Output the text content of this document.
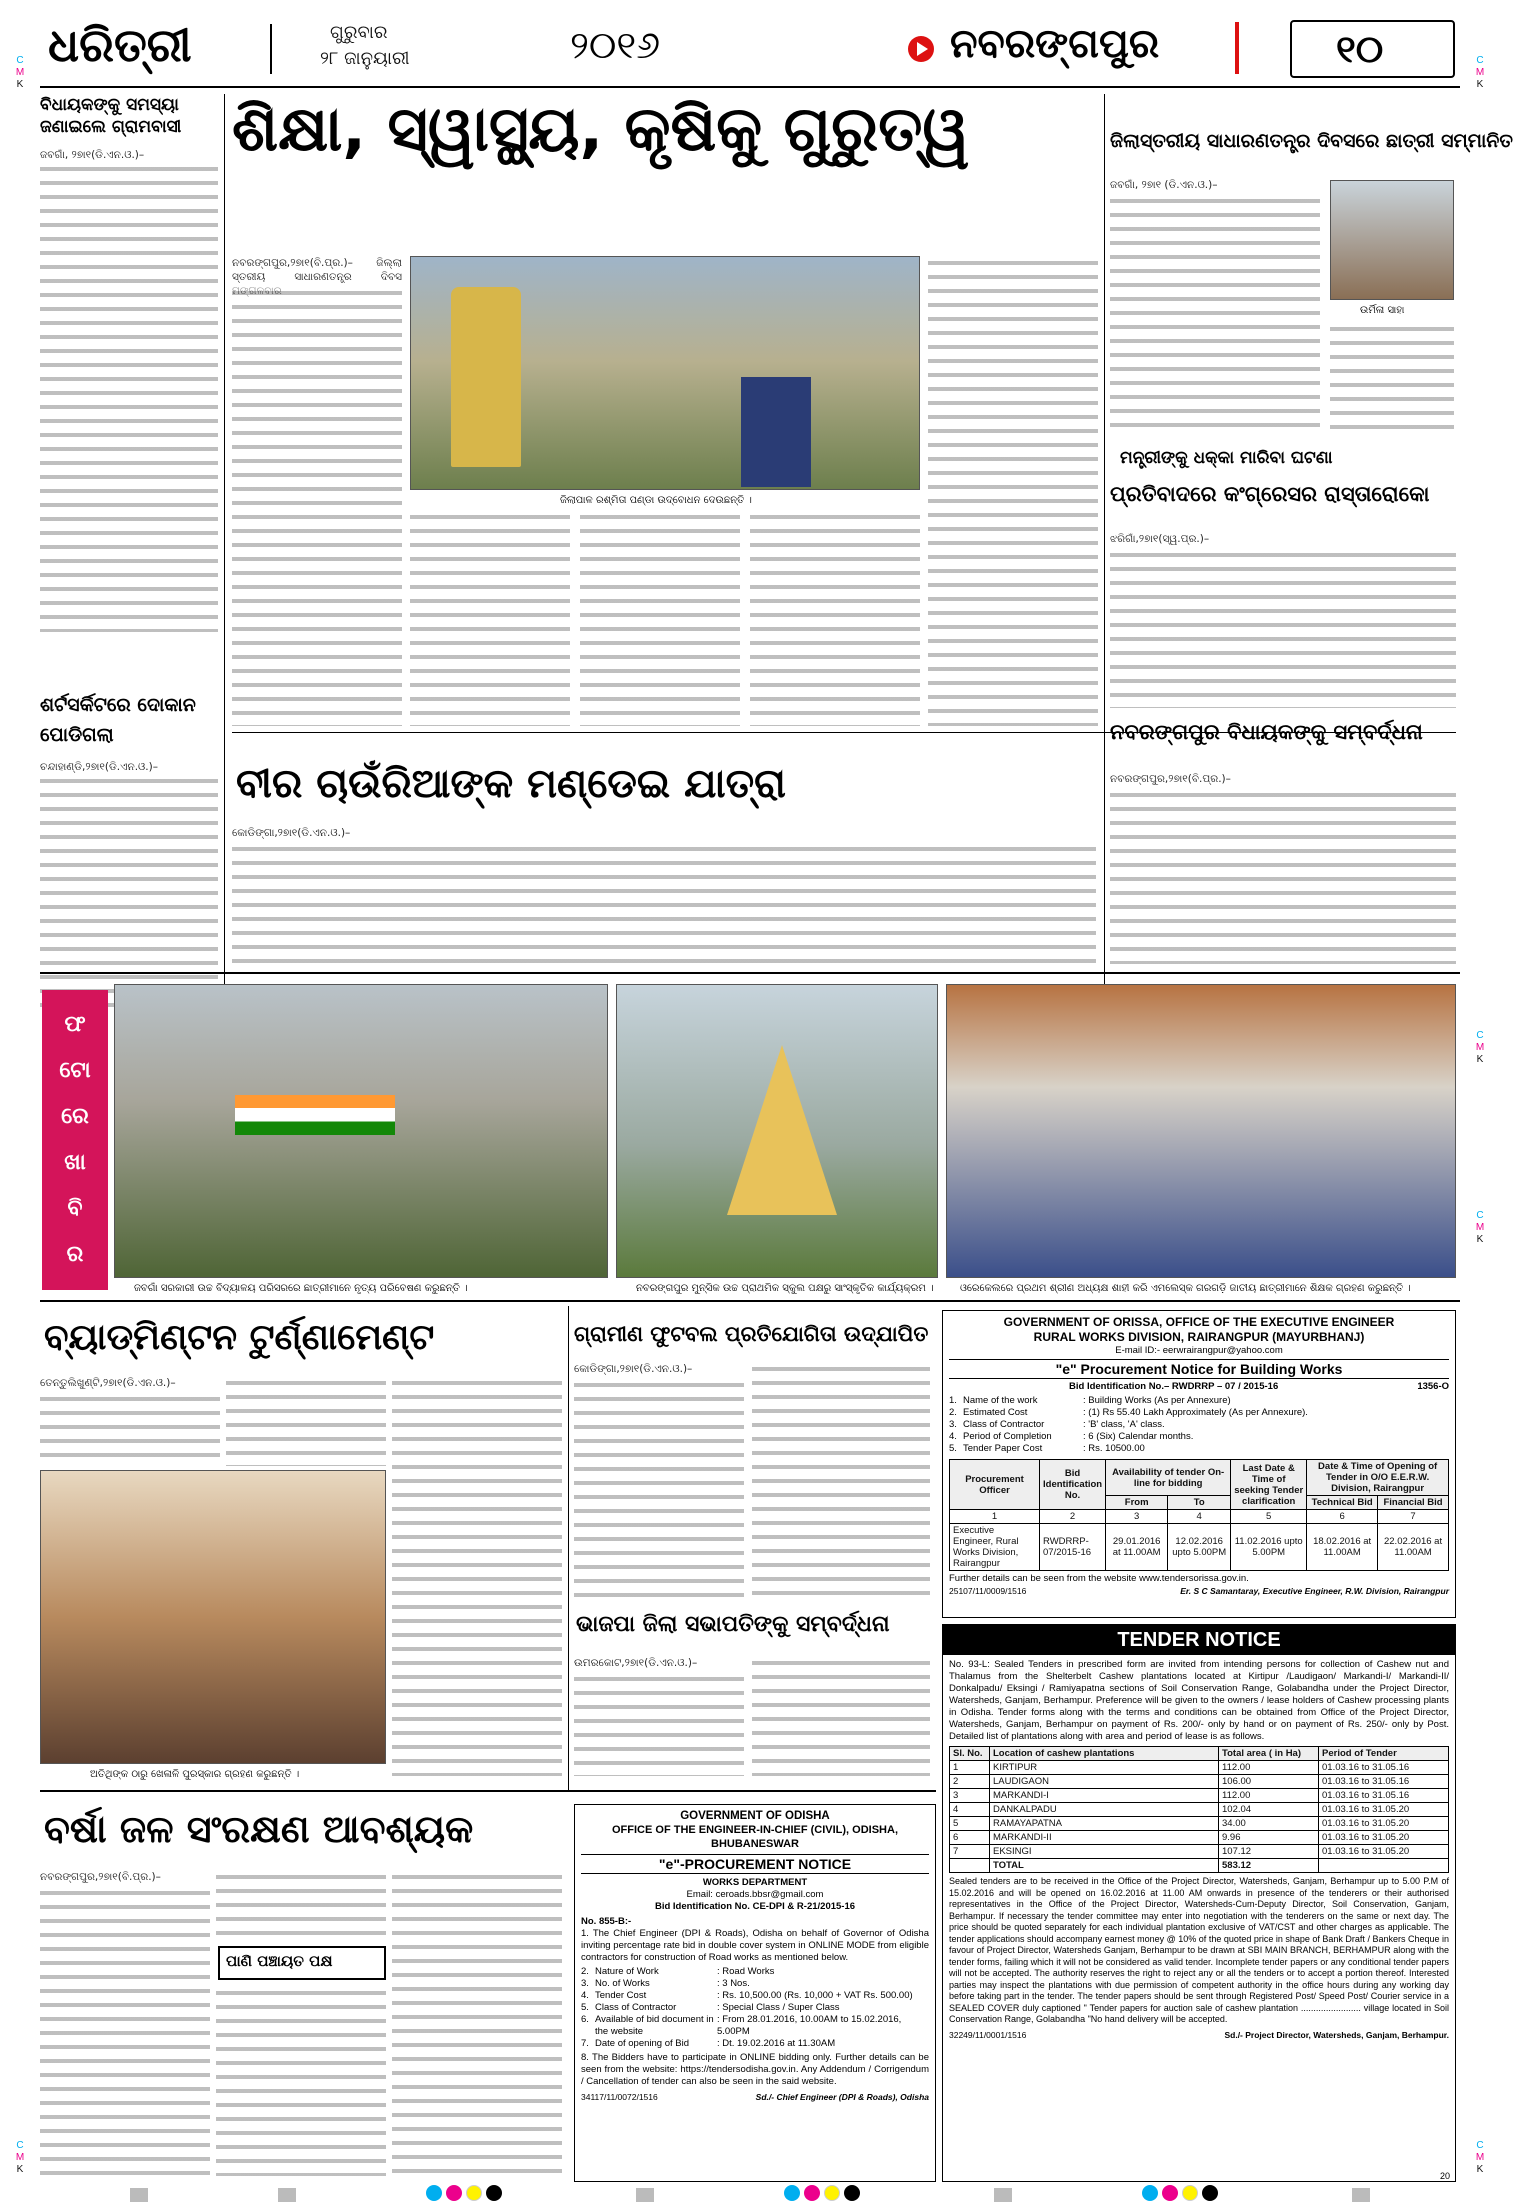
ଧରିତ୍ରୀ	ଗୁରୁବାର
୨୮ ଜାନୁୟାରୀ	୨୦୧୬	ନବରଙ୍ଗପୁର	୧୦
C
M
K
C
M
K
C
M
K
C
M
K
C
M
K
C
M
K
ବିଧାୟକଙ୍କୁ ସମସ୍ୟା ଜଣାଇଲେ ଗ୍ରାମବାସୀ
ଜବଗାଁ, ୨୭ା୧(ଡି.ଏନ.ଓ.)–
ଶର୍ଟସର୍କିଟରେ ଦୋକାନ ପୋଡିଗଲା
ଚନ୍ଦାହାଣ୍ଡି,୨୭ା୧(ଡି.ଏନ.ଓ.)–
ଶିକ୍ଷା, ସ୍ୱାସ୍ଥ୍ୟ, କୃଷିକୁ ଗୁରୁତ୍ୱ
ନବରଙ୍ଗପୁର,୨୭ା୧(ବି.ପ୍ର.)– ଜିଲ୍ଲା ସ୍ତରୀୟ ସାଧାରଣତନ୍ତ୍ର ଦିବସ
ଜିଲାପାଳ ରଶ୍ମିତା ପଣ୍ଡା ଉଦ୍‌ବୋଧନ ଦେଉଛନ୍ତି ।
ଜିଲାସ୍ତରୀୟ ସାଧାରଣତନ୍ତ୍ର ଦିବସରେ ଛାତ୍ରୀ ସମ୍ମାନିତ
ଜବଗାଁ, ୨୭ା୧ (ଡି.ଏନ.ଓ.)–
ଉର୍ମିଳା ସାହା
ମନ୍ତ୍ରୀଙ୍କୁ ଧକ୍କା ମାରିବା ଘଟଣା
ପ୍ରତିବାଦରେ କଂଗ୍ରେସର ରାସ୍ତାରୋକୋ
ଝରିଗାଁ,୨୭ା୧(ସ୍ୱ.ପ୍ର.)–
ନବରଙ୍ଗପୁର ବିଧାୟକଙ୍କୁ ସମ୍ବର୍ଦ୍ଧନା
ନବରଙ୍ଗପୁର,୨୭ା୧(ବି.ପ୍ର.)–
ବୀର ଚାଉଁରିଆଙ୍କ ମଣ୍ଡେଇ ଯାତ୍ରା
କୋଡିଙ୍ଗା,୨୭ା୧(ଡି.ଏନ.ଓ.)–
ଫ
ଟୋ
ରେ
ଖା
ବି
ର
ଜବଗାଁ ସରକାରୀ ଉଚ୍ଚ ବିଦ୍ୟାଳୟ ପରିସରରେ ଛାତ୍ରୀମାନେ ନୃତ୍ୟ ପରିବେଷଣ କରୁଛନ୍ତି ।	ନବରଙ୍ଗପୁର ମୁନ୍ସିକ ଉଚ୍ଚ ପ୍ରାଥମିକ ସ୍କୁଲ ପକ୍ଷରୁ ସାଂସ୍କୃତିକ କାର୍ଯ୍ୟକ୍ରମ ।	ଓରେକେଲରେ ପ୍ରଥମ ଶ୍ରୀଣ ଅଧ୍ୟକ୍ଷ ଶାହୀ କରି ଏମଲେସ୍କ ଗରଗଡ଼ି ଜାତୀୟ ଛାତ୍ରୀମାନେ ଶିକ୍ଷକ ଗ୍ରହଣ କରୁଛନ୍ତି ।
ବ୍ୟାଡ୍‌ମିଣ୍ଟନ ଟୁର୍ଣ୍ଣାମେଣ୍ଟ
ତେନ୍ତୁଲିଖୁଣ୍ଟି,୨୭ା୧(ଡି.ଏନ.ଓ.)–
ଅତିଥିଙ୍କ ଠାରୁ ଖେଳାଳି ପୁରସ୍କାର ଗ୍ରହଣ କରୁଛନ୍ତି ।
ଗ୍ରାମୀଣ ଫୁଟବଲ ପ୍ରତିଯୋଗିତା ଉଦ୍‌ଯାପିତ
କୋଡିଙ୍ଗା,୨୭ା୧(ଡି.ଏନ.ଓ.)–
ଭାଜପା ଜିଲା ସଭାପତିଙ୍କୁ ସମ୍ବର୍ଦ୍ଧନା
ଉମରକୋଟ,୨୭ା୧(ଡି.ଏନ.ଓ.)–
ବର୍ଷା ଜଳ ସଂରକ୍ଷଣ ଆବଶ୍ୟକ
ନବରଙ୍ଗପୁର,୨୭ା୧(ବି.ପ୍ର.)–
ପାଣି ପଞ୍ଚାୟତ ପକ୍ଷ
GOVERNMENT OF ODISHA
OFFICE OF THE ENGINEER-IN-CHIEF (CIVIL), ODISHA, BHUBANESWAR
"e"-PROCUREMENT NOTICE
WORKS DEPARTMENT
Email: ceroads.bbsr@gmail.com
Bid Identification No. CE-DPI & R-21/2015-16
No. 855-B:-
1. The Chief Engineer (DPI & Roads), Odisha on behalf of Governor of Odisha inviting percentage rate bid in double cover system in ONLINE MODE from eligible contractors for construction of Road works as mentioned below.
2. Nature of Work	: Road Works
3. No. of Works	: 3 Nos.
4. Tender Cost	: Rs. 10,500.00 (Rs. 10,000 + VAT Rs. 500.00)
5. Class of Contractor	: Special Class / Super Class
6. Available of bid document in the website
: From 28.01.2016, 10.00AM to 15.02.2016, 5.00PM
7. Date of opening of Bid	: Dt. 19.02.2016 at 11.30AM
8. The Bidders have to participate in ONLINE bidding only. Further details can be seen from the website: https://tendersodisha.gov.in. Any Addendum / Corrigendum / Cancellation of tender can also be seen in the said website.
34117/11/0072/1516	Sd./- Chief Engineer (DPI & Roads), Odisha
GOVERNMENT OF ORISSA, OFFICE OF THE EXECUTIVE ENGINEER
RURAL WORKS DIVISION, RAIRANGPUR (MAYURBHANJ)
E-mail ID:- eerwrairangpur@yahoo.com
"e" Procurement Notice for Building Works
Bid Identification No.– RWDRRP – 07 / 2015-16	1356-O
1. Name of the work	: Building Works (As per Annexure)
2. Estimated Cost	: (1) Rs 55.40 Lakh Approximately (As per Annexure).
3. Class of Contractor	: 'B' class, 'A' class.
4. Period of Completion	: 6 (Six) Calendar months.
5. Tender Paper Cost	: Rs. 10500.00
Procurement Officer	Bid Identification No.	Availability of tender On-line for bidding		Last Date & Time of seeking Tender clarification	Date & Time of Opening of Tender in O/O E.E.R.W. Division, Rairangpur	
		From	To		Technical Bid	Financial Bid
1	2	3	4	5	6	7
Executive Engineer, Rural Works Division, Rairangpur	RWDRRP-07/2015-16	29.01.2016 at 11.00AM	12.02.2016 upto 5.00PM	11.02.2016 upto 5.00PM	18.02.2016 at 11.00AM	22.02.2016 at 11.00AM
Further details can be seen from the website www.tendersorissa.gov.in.
25107/11/0009/1516	Er. S C Samantaray, Executive Engineer, R.W. Division, Rairangpur
TENDER NOTICE
No. 93-L: Sealed Tenders in prescribed form are invited from intending persons for collection of Cashew nut and Thalamus from the Shelterbelt Cashew plantations located at Kirtipur /Laudigaon/ Markandi-I/ Markandi-II/ Donkalpadu/ Eksingi / Ramiyapatna sections of Soil Conservation Range, Golabandha under the Project Director, Watersheds, Ganjam, Berhampur. Preference will be given to the owners / lease holders of Cashew processing plants in Odisha. Tender forms along with the terms and conditions can be obtained from Office of the Project Director, Watersheds, Ganjam, Berhampur on payment of Rs. 200/- only by hand or on payment of Rs. 250/- only by Post. Detailed list of plantations along with area and period of lease is as follows.
Sl. No.	Location of cashew plantations	Total area ( in Ha)	Period of Tender
1	KIRTIPUR	112.00	01.03.16 to 31.05.16
2	LAUDIGAON	106.00	01.03.16 to 31.05.16
3	MARKANDI-I	112.00	01.03.16 to 31.05.16
4	DANKALPADU	102.04	01.03.16 to 31.05.20
5	RAMAYAPATNA	34.00	01.03.16 to 31.05.20
6	MARKANDI-II	9.96	01.03.16 to 31.05.20
7	EKSINGI	107.12	01.03.16 to 31.05.20
	TOTAL	583.12	
Sealed tenders are to be received in the Office of the Project Director, Watersheds, Ganjam, Berhampur up to 5.00 P.M of 15.02.2016 and will be opened on 16.02.2016 at 11.00 AM onwards in presence of the tenderers or their authorised representatives in the Office of the Project Director, Watersheds-Cum-Deputy Director, Soil Conservation, Ganjam, Berhampur. If necessary the tender committee may enter into negotiation with the tenderers on the same or next day. The price should be quoted separately for each individual plantation exclusive of VAT/CST and other charges as applicable. The tender applications should accompany earnest money @ 10% of the quoted price in shape of Bank Draft / Bankers Cheque in favour of Project Director, Watersheds Ganjam, Berhampur to be drawn at SBI MAIN BRANCH, BERHAMPUR along with the tender forms, failing which it will not be considered as valid tender. Incomplete tender papers or any conditional tender papers will not be accepted. The authority reserves the right to reject any or all the tenders or to accept a portion thereof. Interested parties may inspect the plantations with due permission of competent authority in the office hours during any working day before taking part in the tender. The tender papers should be sent through Registered Post/ Speed Post/ Courier service in a SEALED COVER duly captioned " Tender papers for auction sale of cashew plantation ........................ village located in Soil Conservation Range, Golabandha "No hand delivery will be accepted.
32249/11/0001/1516	Sd./- Project Director, Watersheds, Ganjam, Berhampur.
20
